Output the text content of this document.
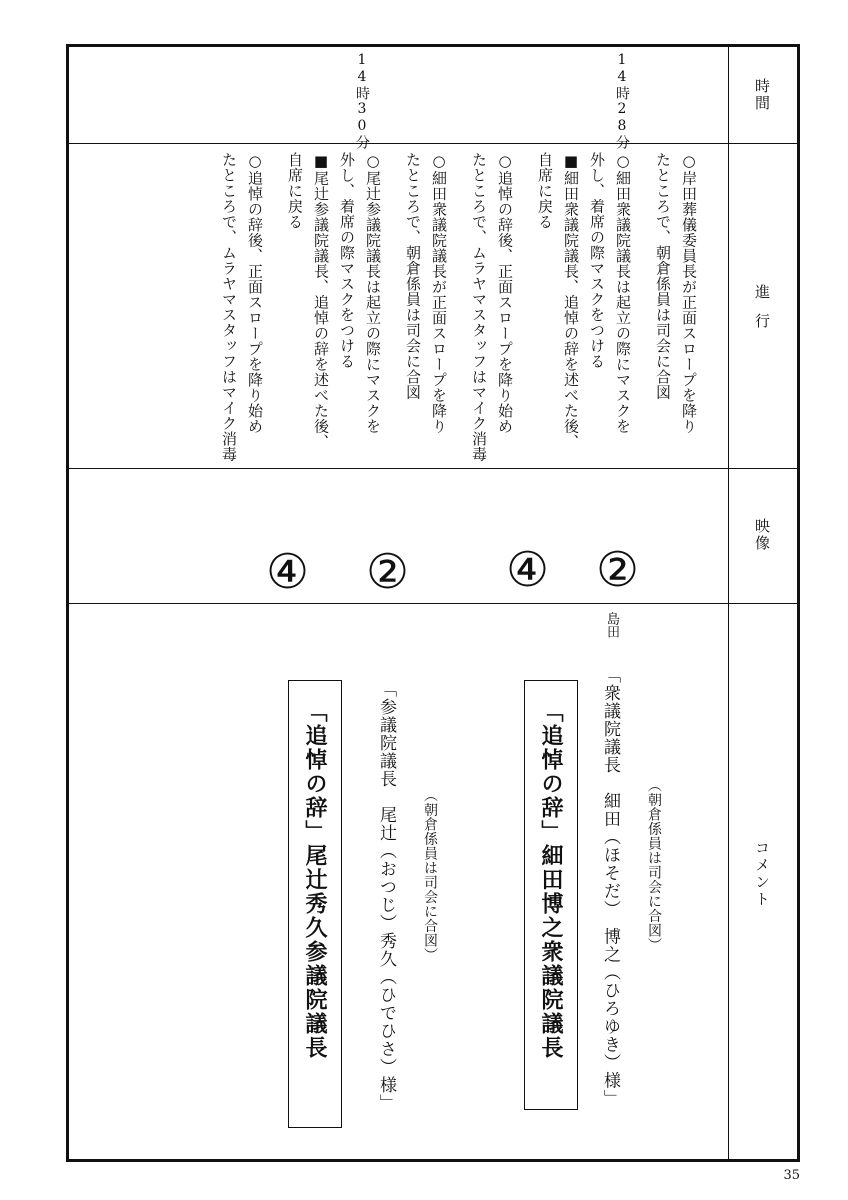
時間
進行
映像
コメント
14時28分
14時30分
○岸田葬儀委員長が正面スロープを降り
たところで、朝倉係員は司会に合図
○細田衆議院議長は起立の際にマスクを
外し、着席の際マスクをつける
■細田衆議院議長、追悼の辞を述べた後、
自席に戻る
○追悼の辞後、正面スロープを降り始め
たところで、ムラヤマスタッフはマイク消毒
○細田衆議院議長が正面スロープを降り
たところで、朝倉係員は司会に合図
○尾辻参議院議長は起立の際にマスクを
外し、着席の際マスクをつける
■尾辻参議院議長、追悼の辞を述べた後、
自席に戻る
○追悼の辞後、正面スロープを降り始め
たところで、ムラヤマスタッフはマイク消毒
②
④
②
④
島田
（朝倉係員は司会に合図）
「衆議院議長　細田（ほそだ）　博之（ひろゆき）様」
「追悼の辞」細田博之衆議院議長
（朝倉係員は司会に合図）
「参議院議長　尾辻（おつじ）秀久（ひでひさ）様」
「追悼の辞」尾辻秀久参議院議長
35
